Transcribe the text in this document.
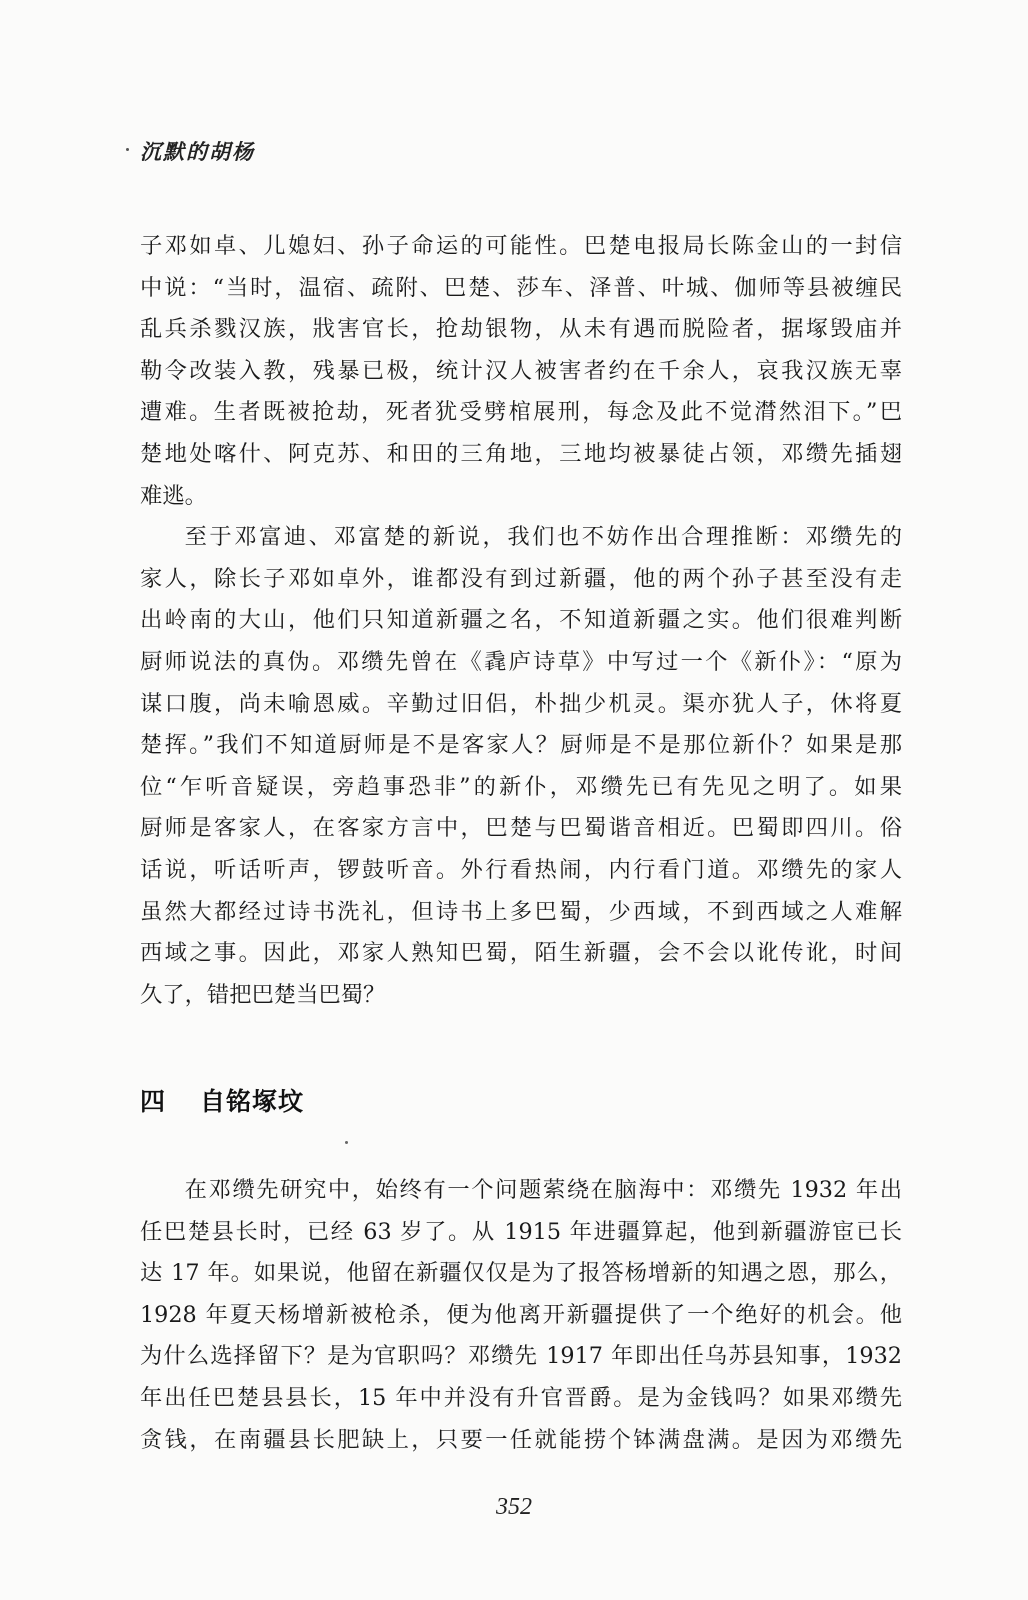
沉默的胡杨

子邓如卓、儿媳妇、孙子命运的可能性。巴楚电报局长陈金山的一封信
中说：“当时，温宿、疏附、巴楚、莎车、泽普、叶城、伽师等县被缠民
乱兵杀戮汉族，戕害官长，抢劫银物，从未有遇而脱险者，据塚毁庙并
勒令改装入教，残暴已极，统计汉人被害者约在千余人，哀我汉族无辜
遭难。生者既被抢劫，死者犹受劈棺展刑，每念及此不觉潸然泪下。”巴
楚地处喀什、阿克苏、和田的三角地，三地均被暴徒占领，邓缵先插翅

难逃。

至于邓富迪、邓富楚的新说，我们也不妨作出合理推断：邓缵先的
家人，除长子邓如卓外，谁都没有到过新疆，他的两个孙子甚至没有走
出岭南的大山，他们只知道新疆之名，不知道新疆之实。他们很难判断
厨师说法的真伪。邓缵先曾在《毳庐诗草》中写过一个《新仆》：“原为
谋口腹，尚未喻恩威。辛勤过旧侣，朴拙少机灵。渠亦犹人子，休将夏
楚挥。”我们不知道厨师是不是客家人？厨师是不是那位新仆？如果是那
位“乍听音疑误，旁趋事恐非”的新仆，邓缵先已有先见之明了。如果
厨师是客家人，在客家方言中，巴楚与巴蜀谐音相近。巴蜀即四川。俗
话说，听话听声，锣鼓听音。外行看热闹，内行看门道。邓缵先的家人
虽然大都经过诗书洗礼，但诗书上多巴蜀，少西域，不到西域之人难解
西域之事。因此，邓家人熟知巴蜀，陌生新疆，会不会以讹传讹，时间

久了，错把巴楚当巴蜀？

四 自铭塚坟

在邓缵先研究中，始终有一个问题萦绕在脑海中：邓缵先 1932 年出
任巴楚县长时，已经 63 岁了。从 1915 年进疆算起，他到新疆游宦已长
达 17 年。如果说，他留在新疆仅仅是为了报答杨增新的知遇之恩，那么，
1928 年夏天杨增新被枪杀，便为他离开新疆提供了一个绝好的机会。他
为什么选择留下？是为官职吗？邓缵先 1917 年即出任乌苏县知事，1932
年出任巴楚县县长，15 年中并没有升官晋爵。是为金钱吗？如果邓缵先
贪钱，在南疆县长肥缺上，只要一任就能捞个钵满盘满。是因为邓缵先

352
